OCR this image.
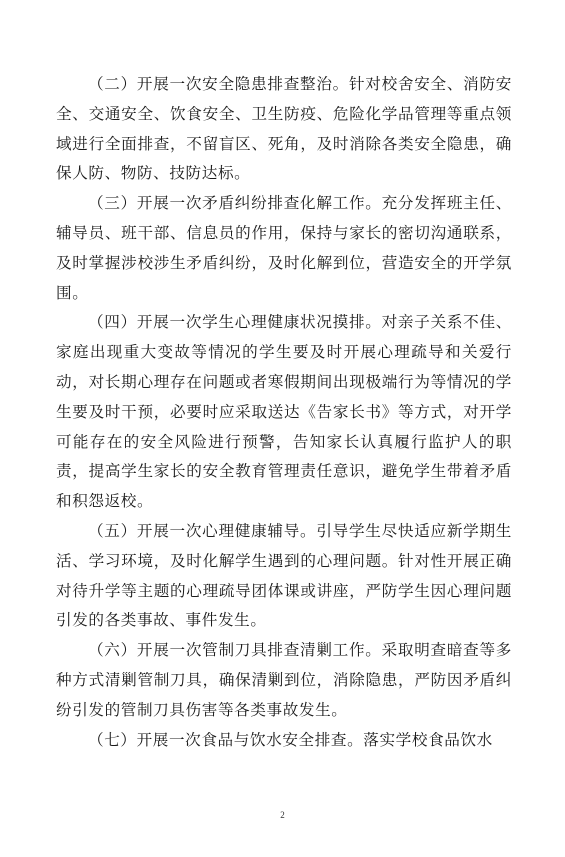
（二）开展一次安全隐患排查整治。针对校舍安全、消防安全、交通安全、饮食安全、卫生防疫、危险化学品管理等重点领域进行全面排查，不留盲区、死角，及时消除各类安全隐患，确保人防、物防、技防达标。

（三）开展一次矛盾纠纷排查化解工作。充分发挥班主任、辅导员、班干部、信息员的作用，保持与家长的密切沟通联系，及时掌握涉校涉生矛盾纠纷，及时化解到位，营造安全的开学氛围。

（四）开展一次学生心理健康状况摸排。对亲子关系不佳、家庭出现重大变故等情况的学生要及时开展心理疏导和关爱行动，对长期心理存在问题或者寒假期间出现极端行为等情况的学生要及时干预，必要时应采取送达《告家长书》等方式，对开学可能存在的安全风险进行预警，告知家长认真履行监护人的职责，提高学生家长的安全教育管理责任意识，避免学生带着矛盾和积怨返校。

（五）开展一次心理健康辅导。引导学生尽快适应新学期生活、学习环境，及时化解学生遇到的心理问题。针对性开展正确对待升学等主题的心理疏导团体课或讲座，严防学生因心理问题引发的各类事故、事件发生。

（六）开展一次管制刀具排查清剿工作。采取明查暗查等多种方式清剿管制刀具，确保清剿到位，消除隐患，严防因矛盾纠纷引发的管制刀具伤害等各类事故发生。

（七）开展一次食品与饮水安全排查。落实学校食品饮水

2
